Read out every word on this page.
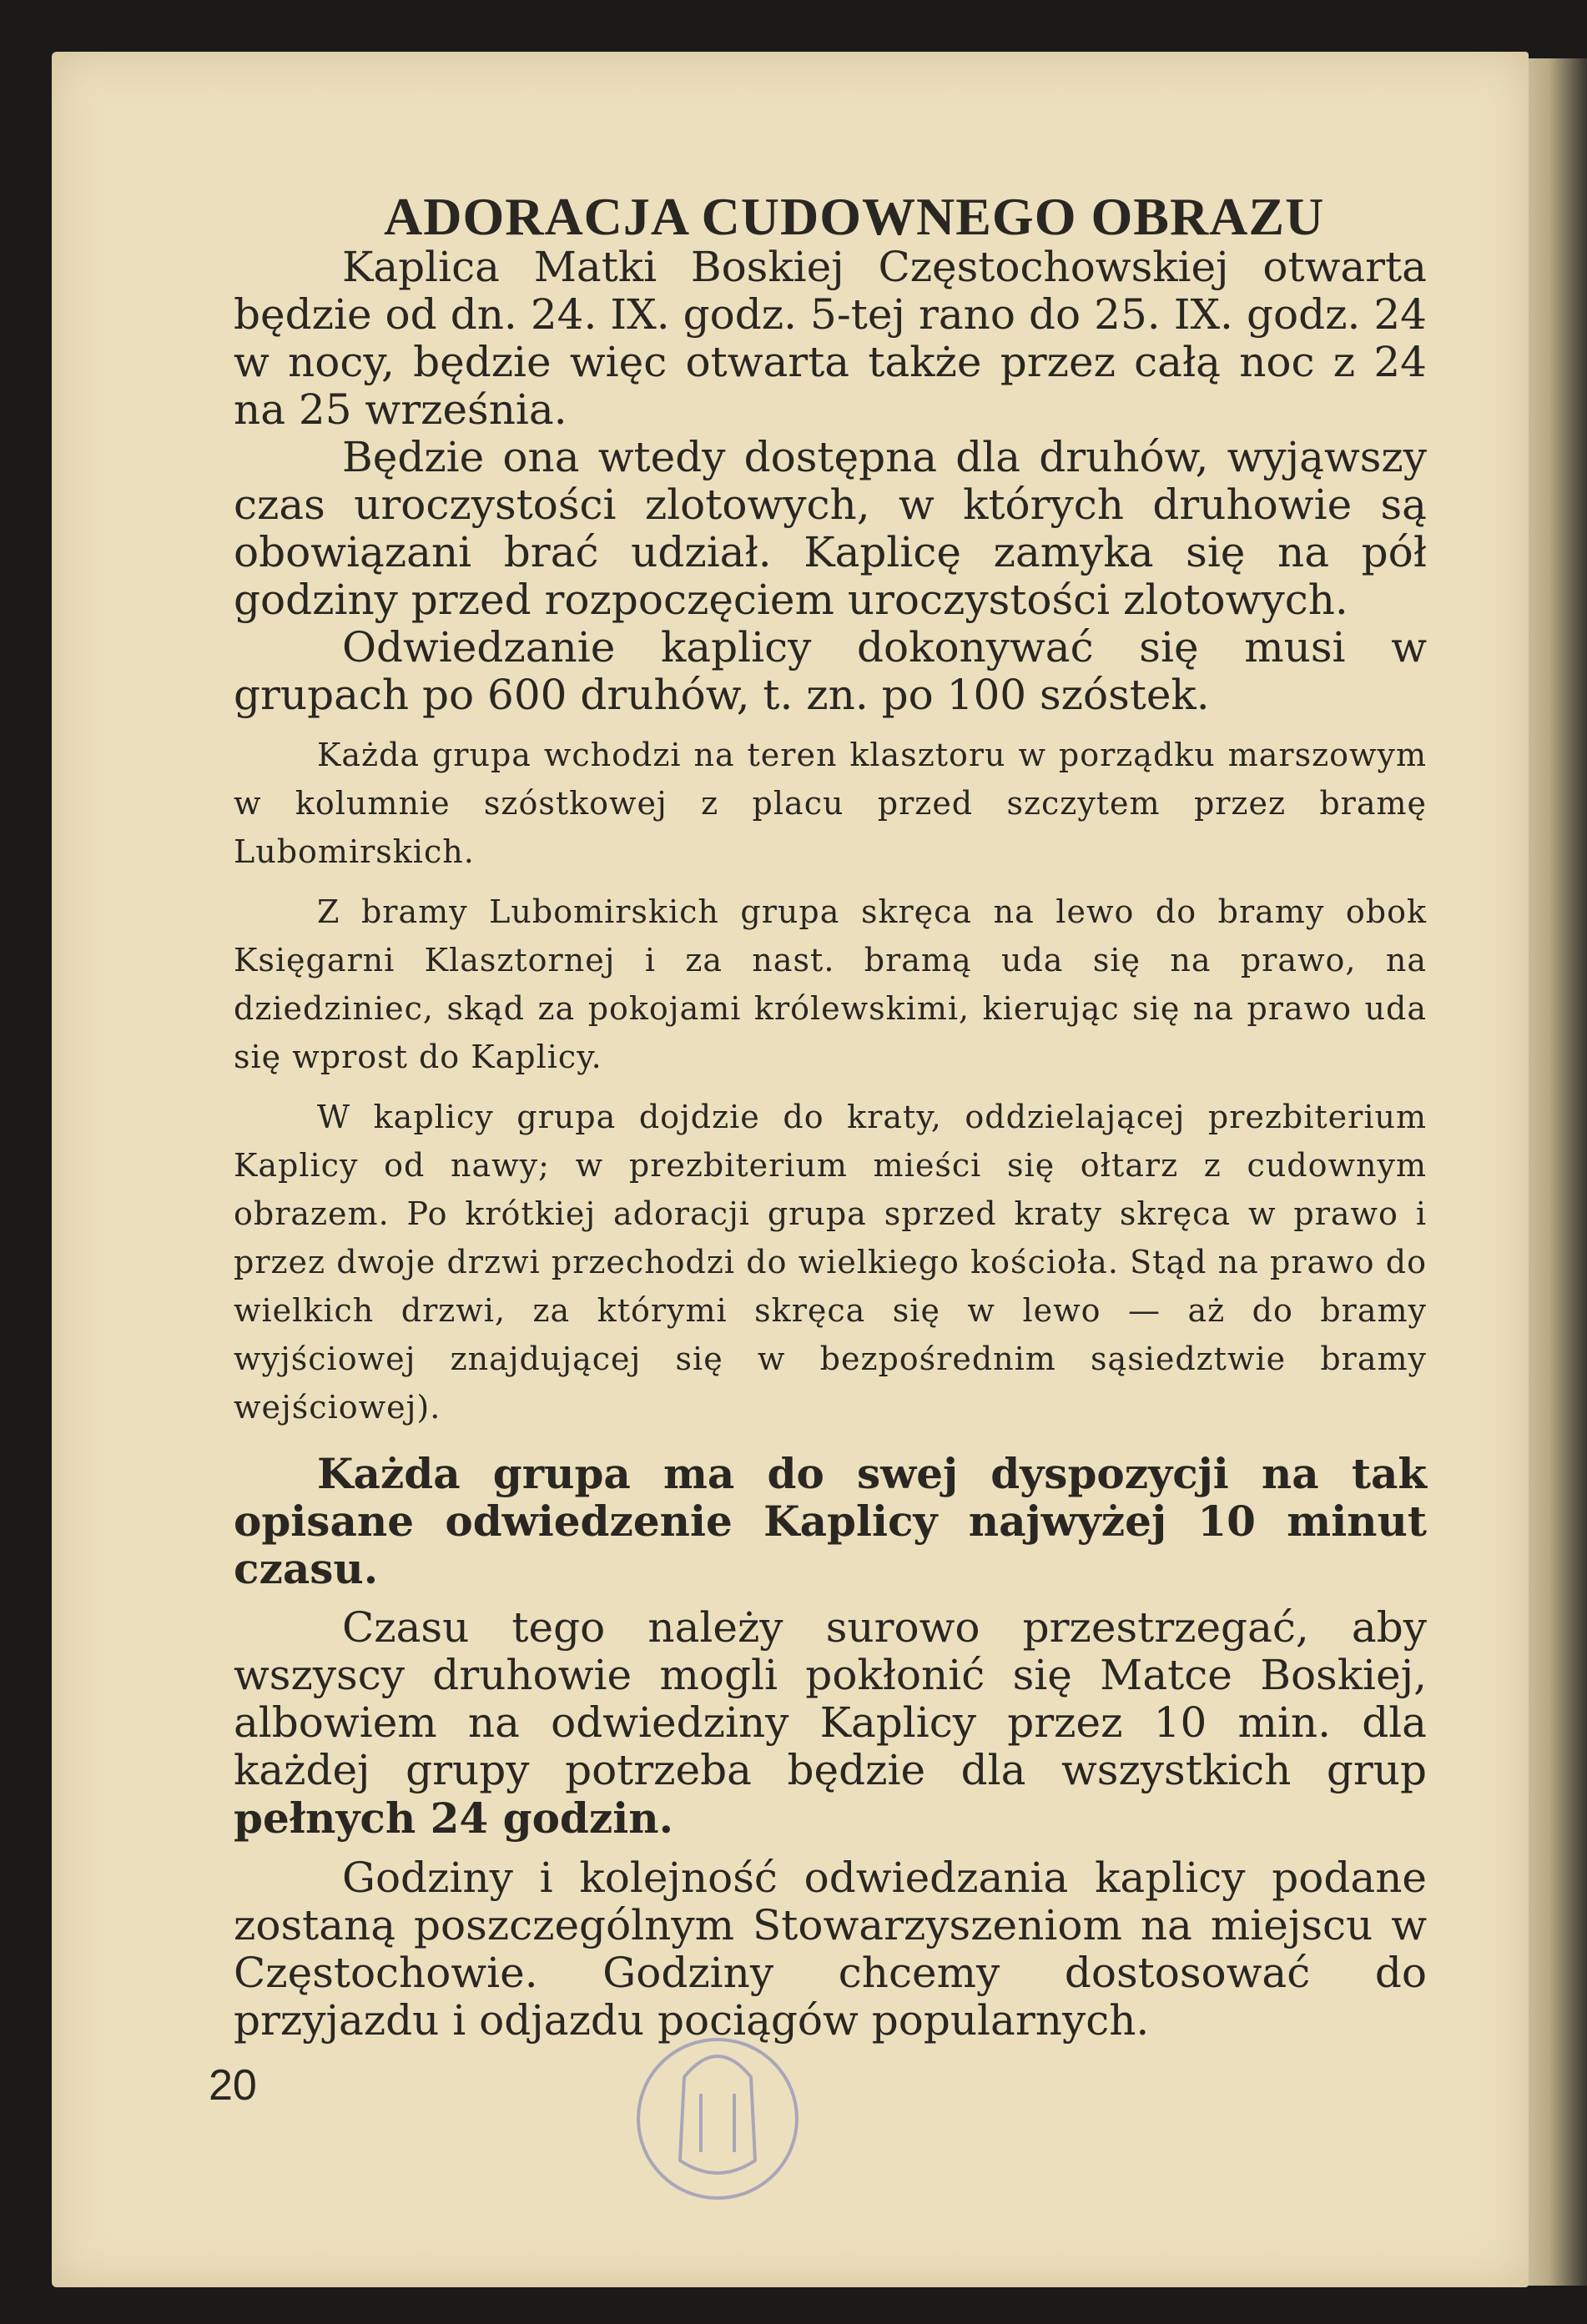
ADORACJA CUDOWNEGO OBRAZU

Kaplica Matki Boskiej Częstochowskiej otwarta będzie od dn. 24. IX. godz. 5-tej rano do 25. IX. godz. 24 w nocy, będzie więc otwarta także przez całą noc z 24 na 25 września.

Będzie ona wtedy dostępna dla druhów, wyjąwszy czas uroczystości zlotowych, w których druhowie są obowiązani brać udział. Kaplicę zamyka się na pół godziny przed rozpoczęciem uroczystości zlotowych.

Odwiedzanie kaplicy dokonywać się musi w grupach po 600 druhów, t. zn. po 100 szóstek.

Każda grupa wchodzi na teren klasztoru w porządku marszowym w kolumnie szóstkowej z placu przed szczytem przez bramę Lubomirskich.

Z bramy Lubomirskich grupa skręca na lewo do bramy obok Księgarni Klasztornej i za nast. bramą uda się na prawo, na dziedziniec, skąd za pokojami królewskimi, kierując się na prawo uda się wprost do Kaplicy.

W kaplicy grupa dojdzie do kraty, oddzielającej prezbiterium Kaplicy od nawy; w prezbiterium mieści się ołtarz z cudownym obrazem. Po krótkiej adoracji grupa sprzed kraty skręca w prawo i przez dwoje drzwi przechodzi do wielkiego kościoła. Stąd na prawo do wielkich drzwi, za którymi skręca się w lewo — aż do bramy wyjściowej znajdującej się w bezpośrednim sąsiedztwie bramy wejściowej).

Każda grupa ma do swej dyspozycji na tak opisane odwiedzenie Kaplicy najwyżej 10 minut czasu.

Czasu tego należy surowo przestrzegać, aby wszyscy druhowie mogli pokłonić się Matce Boskiej, albowiem na odwiedziny Kaplicy przez 10 min. dla każdej grupy potrzeba będzie dla wszystkich grup pełnych 24 godzin.

Godziny i kolejność odwiedzania kaplicy podane zostaną poszczególnym Stowarzyszeniom na miejscu w Częstochowie. Godziny chcemy dostosować do przyjazdu i odjazdu pociągów popularnych.

20
